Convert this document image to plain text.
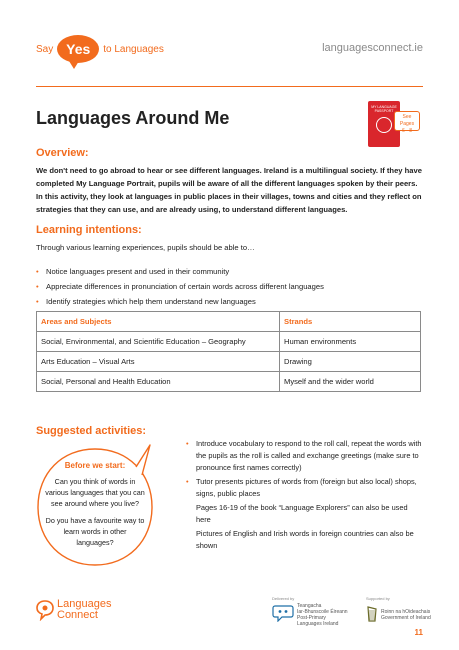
Say Yes to Languages	languagesconnect.ie
Languages Around Me
MY LANGUAGE PASSPORT
See Pages
6 - 8
Overview:

We don't need to go abroad to hear or see different languages. Ireland is a multilingual society. If they have completed My Language Portrait, pupils will be aware of all the different languages spoken by their peers. In this activity, they look at languages in public places in their villages, towns and cities and they reflect on strategies that they can use, and are already using, to understand different languages.

Learning intentions:

Through various learning experiences, pupils should be able to…

• Notice languages present and used in their community
• Appreciate differences in pronunciation of certain words across different languages
• Identify strategies which help them understand new languages
Areas and Subjects	Strands
Social, Environmental, and Scientific Education – Geography	Human environments
Arts Education – Visual Arts	Drawing
Social, Personal and Health Education	Myself and the wider world
Suggested activities:
Before we start:
Can you think of words in various languages that you can see around where you live?
Do you have a favourite way to learn words in other languages?
• Introduce vocabulary to respond to the roll call, repeat the words with the pupils as the roll is called and exchange greetings (make sure to pronounce first names correctly)
• Tutor presents pictures of words from (foreign but also local) shops, signs, public places
Pages 16-19 of the book “Language Explorers” can also be used here
Pictures of English and Irish words in foreign countries can also be shown
Languages
Connect
Delivered by
Teangacha
Iar-Bhunscoile Éireann
Post-Primary
Languages Ireland
Supported by
Roinn na hOideachais
Government of Ireland
11
